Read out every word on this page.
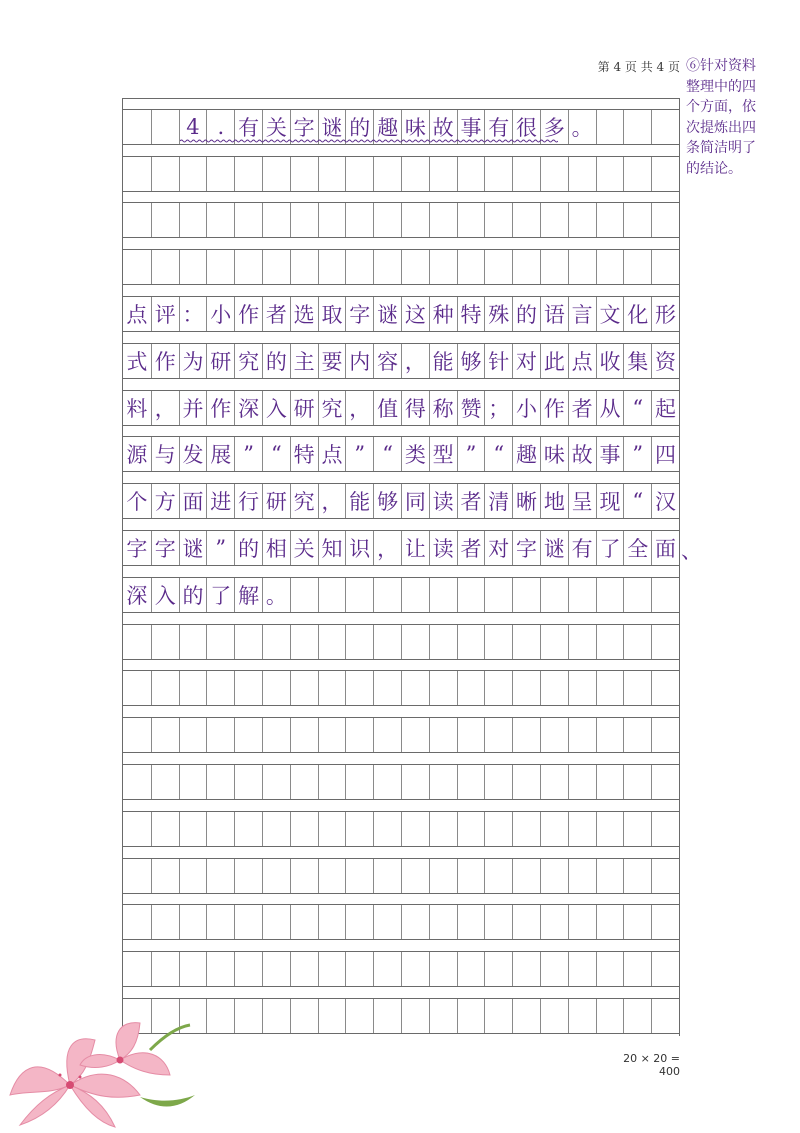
第 4 页 共 4 页 ⑥针对资料
整理中的四
个方面，依
次提炼出四
条简洁明了
的结论。
4 . 有 关 字 谜 的 趣 味 故 事 有 很 多 。
点 评 ： 小 作 者 选 取 字 谜 这 种 特 殊 的 语 言 文 化 形
式 作 为 研 究 的 主 要 内 容 ， 能 够 针 对 此 点 收 集 资
料 ， 并 作 深 入 研 究 ， 值 得 称 赞 ； 小 作 者 从 “ 起
源 与 发 展 ” “ 特 点 ” “ 类 型 ” “ 趣 味 故 事 ” 四
个 方 面 进 行 研 究 ， 能 够 同 读 者 清 晰 地 呈 现 “ 汉
字 字 谜 ” 的 相 关 知 识 ， 让 读 者 对 字 谜 有 了 全 面 、
深 入 的 了 解 。
20 × 20 = 400
